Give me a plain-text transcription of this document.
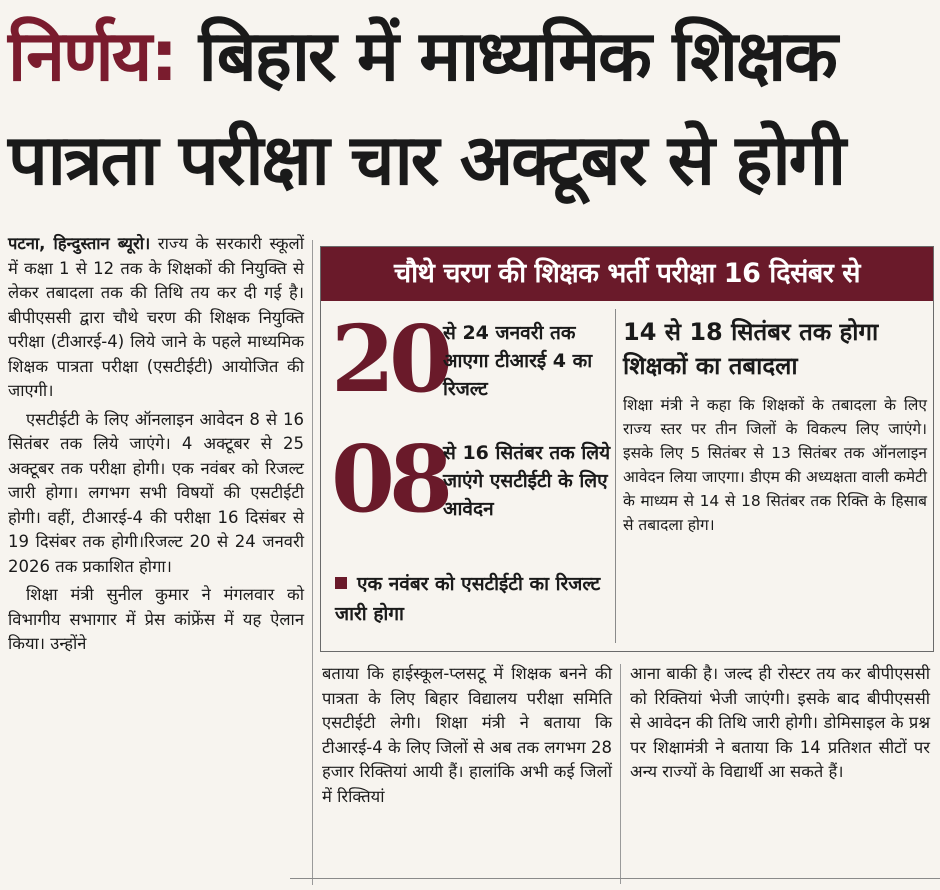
निर्णय: बिहार में माध्यमिक शिक्षक
पात्रता परीक्षा चार अक्टूबर से होगी

पटना, हिन्दुस्तान ब्यूरो। राज्य के सरकारी स्कूलों में कक्षा 1 से 12 तक के शिक्षकों की नियुक्ति से लेकर तबादला तक की तिथि तय कर दी गई है। बीपीएससी द्वारा चौथे चरण की शिक्षक नियुक्ति परीक्षा (टीआरई-4) लिये जाने के पहले माध्यमिक शिक्षक पात्रता परीक्षा (एसटीईटी) आयोजित की जाएगी।

एसटीईटी के लिए ऑनलाइन आवेदन 8 से 16 सितंबर तक लिये जाएंगे। 4 अक्टूबर से 25 अक्टूबर तक परीक्षा होगी। एक नवंबर को रिजल्ट जारी होगा। लगभग सभी विषयों की एसटीईटी होगी। वहीं, टीआरई-4 की परीक्षा 16 दिसंबर से 19 दिसंबर तक होगी।रिजल्ट 20 से 24 जनवरी 2026 तक प्रकाशित होगा।

शिक्षा मंत्री सुनील कुमार ने मंगलवार को विभागीय सभागार में प्रेस कांफ्रेंस में यह ऐलान किया। उन्होंने

चौथे चरण की शिक्षक भर्ती परीक्षा 16 दिसंबर से
20
से 24 जनवरी तक आएगा टीआरई 4 का रिजल्ट
08
से 16 सितंबर तक लिये जाएंगे एसटीईटी के लिए आवेदन
एक नवंबर को एसटीईटी का रिजल्ट जारी होगा
14 से 18 सितंबर तक होगा शिक्षकों का तबादला
शिक्षा मंत्री ने कहा कि शिक्षकों के तबादला के लिए राज्य स्तर पर तीन जिलों के विकल्प लिए जाएंगे। इसके लिए 5 सितंबर से 13 सितंबर तक ऑनलाइन आवेदन लिया जाएगा। डीएम की अध्यक्षता वाली कमेटी के माध्यम से 14 से 18 सितंबर तक रिक्ति के हिसाब से तबादला होग।

बताया कि हाईस्कूल-प्लसटू में शिक्षक बनने की पात्रता के लिए बिहार विद्यालय परीक्षा समिति एसटीईटी लेगी। शिक्षा मंत्री ने बताया कि टीआरई-4 के लिए जिलों से अब तक लगभग 28 हजार रिक्तियां आयी हैं। हालांकि अभी कई जिलों में रिक्तियां

आना बाकी है। जल्द ही रोस्टर तय कर बीपीएससी को रिक्तियां भेजी जाएंगी। इसके बाद बीपीएससी से आवेदन की तिथि जारी होगी। डोमिसाइल के प्रश्न पर शिक्षामंत्री ने बताया कि 14 प्रतिशत सीटों पर अन्य राज्यों के विद्यार्थी आ सकते हैं।
